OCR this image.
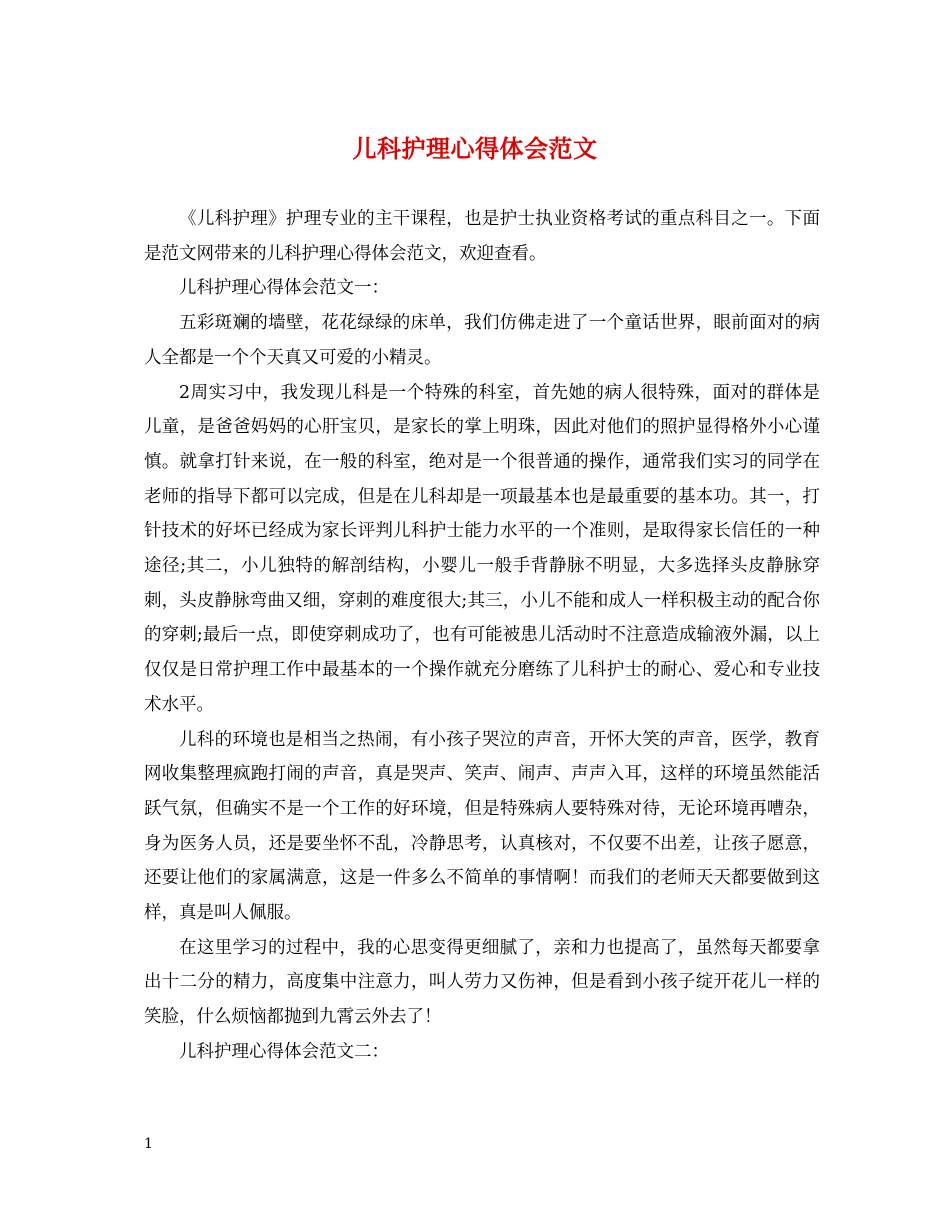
儿科护理心得体会范文

《儿科护理》护理专业的主干课程，也是护士执业资格考试的重点科目之一。下面是范文网带来的儿科护理心得体会范文，欢迎查看。

儿科护理心得体会范文一：

五彩斑斓的墙壁，花花绿绿的床单，我们仿佛走进了一个童话世界，眼前面对的病人全都是一个个天真又可爱的小精灵。

2周实习中，我发现儿科是一个特殊的科室，首先她的病人很特殊，面对的群体是儿童，是爸爸妈妈的心肝宝贝，是家长的掌上明珠，因此对他们的照护显得格外小心谨慎。就拿打针来说，在一般的科室，绝对是一个很普通的操作，通常我们实习的同学在老师的指导下都可以完成，但是在儿科却是一项最基本也是最重要的基本功。其一，打针技术的好坏已经成为家长评判儿科护士能力水平的一个准则，是取得家长信任的一种途径;其二，小儿独特的解剖结构，小婴儿一般手背静脉不明显，大多选择头皮静脉穿刺，头皮静脉弯曲又细，穿刺的难度很大;其三，小儿不能和成人一样积极主动的配合你的穿刺;最后一点，即使穿刺成功了，也有可能被患儿活动时不注意造成输液外漏，以上仅仅是日常护理工作中最基本的一个操作就充分磨练了儿科护士的耐心、爱心和专业技术水平。

儿科的环境也是相当之热闹，有小孩子哭泣的声音，开怀大笑的声音，医学，教育网收集整理疯跑打闹的声音，真是哭声、笑声、闹声、声声入耳，这样的环境虽然能活跃气氛，但确实不是一个工作的好环境，但是特殊病人要特殊对待，无论环境再嘈杂，身为医务人员，还是要坐怀不乱，冷静思考，认真核对，不仅要不出差，让孩子愿意，还要让他们的家属满意，这是一件多么不简单的事情啊！而我们的老师天天都要做到这样，真是叫人佩服。

在这里学习的过程中，我的心思变得更细腻了，亲和力也提高了，虽然每天都要拿出十二分的精力，高度集中注意力，叫人劳力又伤神，但是看到小孩子绽开花儿一样的笑脸，什么烦恼都抛到九霄云外去了！

儿科护理心得体会范文二：

1
